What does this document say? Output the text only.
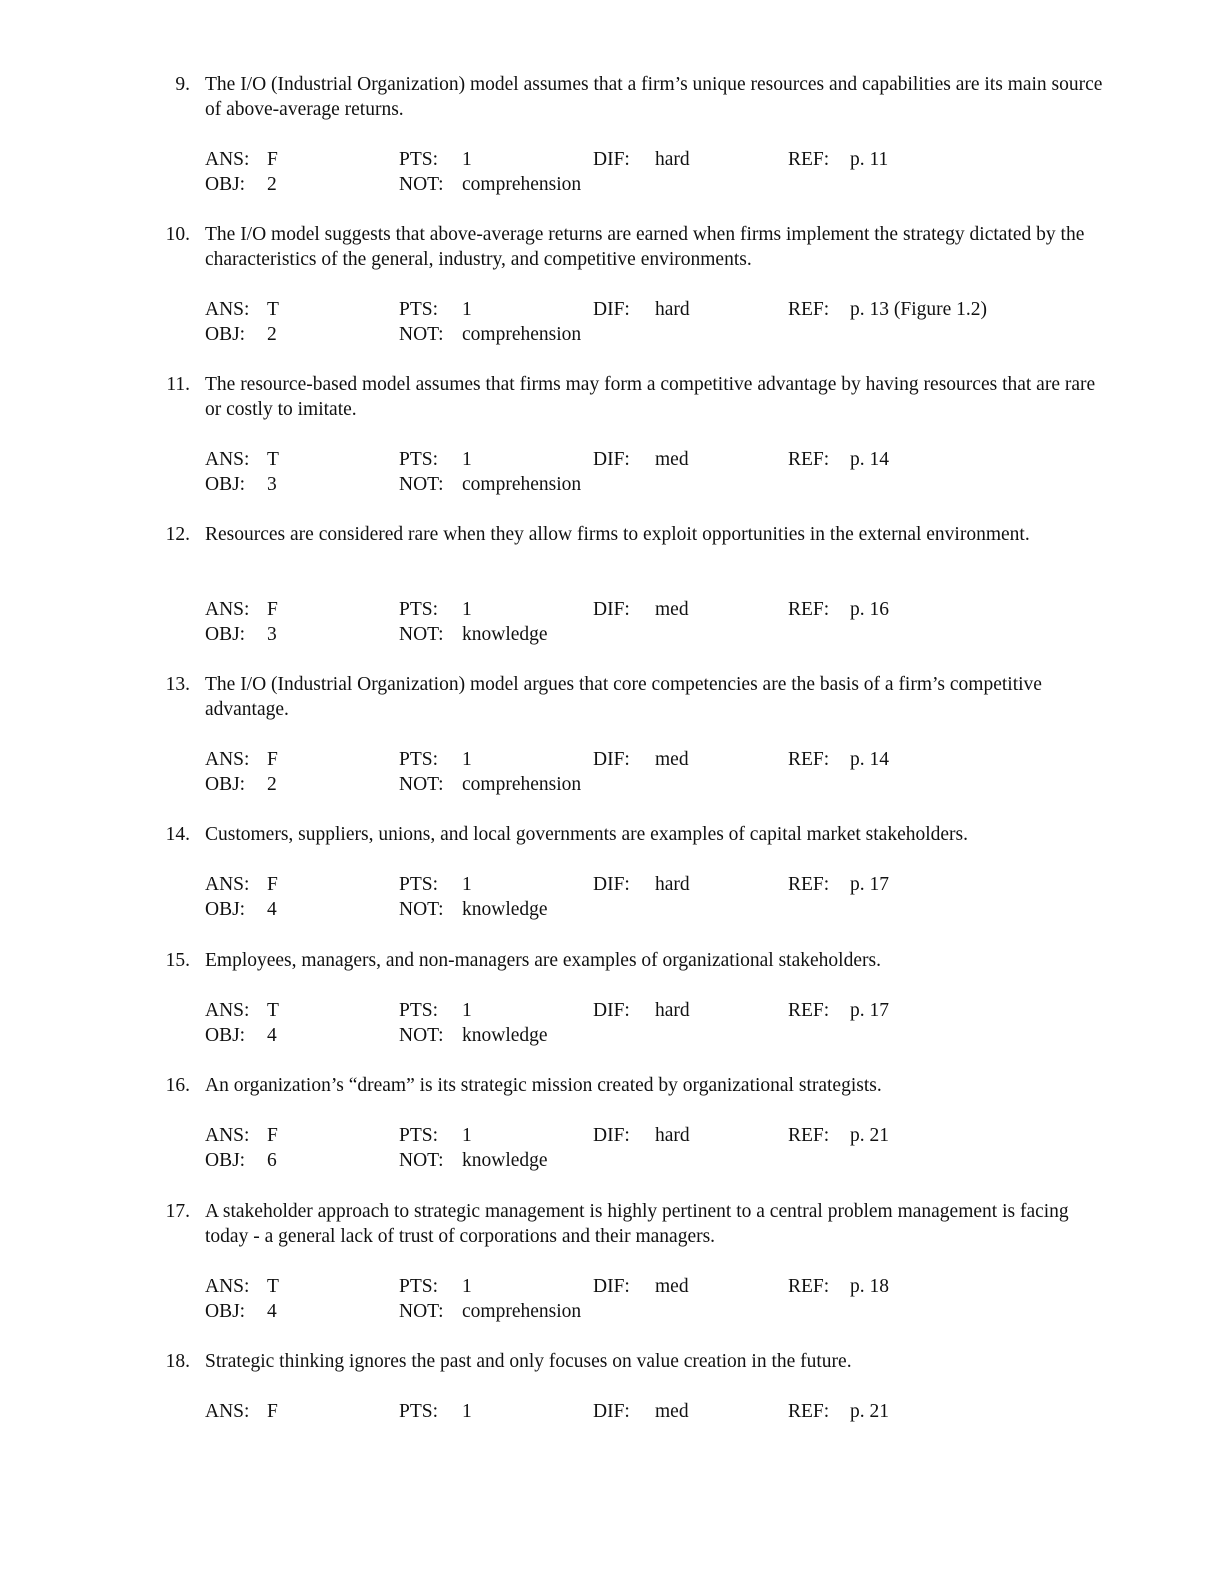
9. The I/O (Industrial Organization) model assumes that a firm’s unique resources and capabilities are its main source of above-average returns.
ANS: F	PTS: 1	DIF: hard	REF: p. 11
OBJ: 2	NOT: comprehension
10. The I/O model suggests that above-average returns are earned when firms implement the strategy dictated by the characteristics of the general, industry, and competitive environments.
ANS: T	PTS: 1	DIF: hard	REF: p. 13 (Figure 1.2)
OBJ: 2	NOT: comprehension
11. The resource-based model assumes that firms may form a competitive advantage by having resources that are rare or costly to imitate.
ANS: T	PTS: 1	DIF: med	REF: p. 14
OBJ: 3	NOT: comprehension
12. Resources are considered rare when they allow firms to exploit opportunities in the external environment.
ANS: F	PTS: 1	DIF: med	REF: p. 16
OBJ: 3	NOT: knowledge
13. The I/O (Industrial Organization) model argues that core competencies are the basis of a firm’s competitive advantage.
ANS: F	PTS: 1	DIF: med	REF: p. 14
OBJ: 2	NOT: comprehension
14. Customers, suppliers, unions, and local governments are examples of capital market stakeholders.
ANS: F	PTS: 1	DIF: hard	REF: p. 17
OBJ: 4	NOT: knowledge
15. Employees, managers, and non-managers are examples of organizational stakeholders.
ANS: T	PTS: 1	DIF: hard	REF: p. 17
OBJ: 4	NOT: knowledge
16. An organization’s “dream” is its strategic mission created by organizational strategists.
ANS: F	PTS: 1	DIF: hard	REF: p. 21
OBJ: 6	NOT: knowledge
17. A stakeholder approach to strategic management is highly pertinent to a central problem management is facing today - a general lack of trust of corporations and their managers.
ANS: T	PTS: 1	DIF: med	REF: p. 18
OBJ: 4	NOT: comprehension
18. Strategic thinking ignores the past and only focuses on value creation in the future.
ANS: F	PTS: 1	DIF: med	REF: p. 21
